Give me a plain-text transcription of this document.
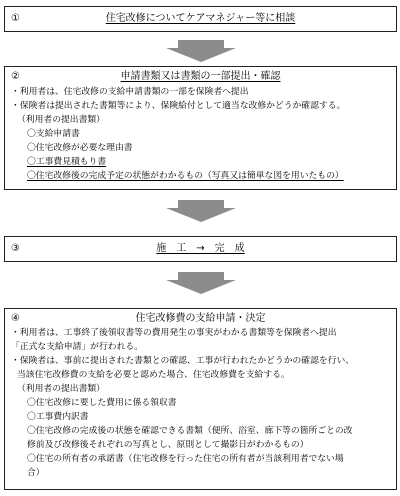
①	住宅改修についてケアマネジャー等に相談
②	申請書類又は書類の一部提出・確認
・利用者は、住宅改修の支給申請書類の一部を保険者へ提出
・保険者は提出された書類等により、保険給付として適当な改修かどうか確認する。
（利用者の提出書類）
〇支給申請書
〇住宅改修が必要な理由書
〇工事費見積もり書
〇住宅改修後の完成予定の状態がわかるもの（写真又は簡単な図を用いたもの）
③	施　工　→　完　成
④	住宅改修費の支給申請・決定
・利用者は、工事終了後領収書等の費用発生の事実がわかる書類等を保険者へ提出
「正式な支給申請」が行われる。
・保険者は、事前に提出された書類との確認、工事が行われたかどうかの確認を行い、
当該住宅改修費の支給を必要と認めた場合、住宅改修費を支給する。
（利用者の提出書類）
〇住宅改修に要した費用に係る領収書
〇工事費内訳書
〇住宅改修の完成後の状態を確認できる書類（便所、浴室、廊下等の箇所ごとの改
修前及び改修後それぞれの写真とし、原則として撮影日がわかるもの）
〇住宅の所有者の承諾書（住宅改修を行った住宅の所有者が当該利用者でない場
合）
